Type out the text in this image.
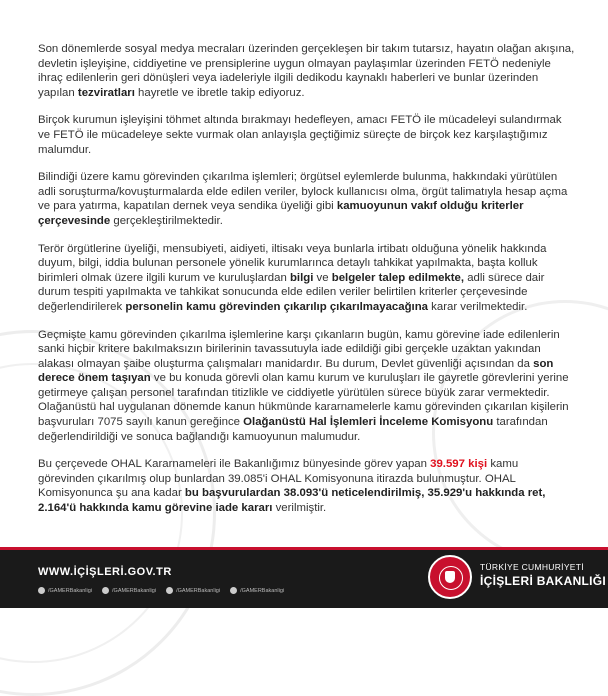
Son dönemlerde sosyal medya mecraları üzerinden gerçekleşen bir takım tutarsız, hayatın olağan akışına, devletin işleyişine, ciddiyetine ve prensiplerine uygun olmayan paylaşımlar üzerinden FETÖ nedeniyle ihraç edilenlerin geri dönüşleri veya iadeleriyle ilgili dedikodu kaynaklı haberleri ve bunlar üzerinden yapılan tezviratları hayretle ve ibretle takip ediyoruz.

Birçok kurumun işleyişini töhmet altında bırakmayı hedefleyen, amacı FETÖ ile mücadeleyi sulandırmak ve FETÖ ile mücadeleye sekte vurmak olan anlayışla geçtiğimiz süreçte de birçok kez karşılaştığımız malumdur.

Bilindiği üzere kamu görevinden çıkarılma işlemleri; örgütsel eylemlerde bulunma, hakkındaki yürütülen adli soruşturma/kovuşturmalarda elde edilen veriler, bylock kullanıcısı olma, örgüt talimatıyla hesap açma ve para yatırma, kapatılan dernek veya sendika üyeliği gibi kamuoyunun vakıf olduğu kriterler çerçevesinde gerçekleştirilmektedir.

Terör örgütlerine üyeliği, mensubiyeti, aidiyeti, iltisakı veya bunlarla irtibatı olduğuna yönelik hakkında duyum, bilgi, iddia bulunan personele yönelik kurumlarınca detaylı tahkikat yapılmakta, başta kolluk birimleri olmak üzere ilgili kurum ve kuruluşlardan bilgi ve belgeler talep edilmekte, adli sürece dair durum tespiti yapılmakta ve tahkikat sonucunda elde edilen veriler belirtilen kriterler çerçevesinde değerlendirilerek personelin kamu görevinden çıkarılıp çıkarılmayacağına karar verilmektedir.

Geçmişte kamu görevinden çıkarılma işlemlerine karşı çıkanların bugün, kamu görevine iade edilenlerin sanki hiçbir kritere bakılmaksızın birilerinin tavassutuyla iade edildiği gibi gerçekle uzaktan yakından alakası olmayan şaibe oluşturma çalışmaları manidardır. Bu durum, Devlet güvenliği açısından da son derece önem taşıyan ve bu konuda görevli olan kamu kurum ve kuruluşları ile gayretle görevlerini yerine getirmeye çalışan personel tarafından titizlikle ve ciddiyetle yürütülen sürece büyük zarar vermektedir. Olağanüstü hal uygulanan dönemde kanun hükmünde kararnamelerle kamu görevinden çıkarılan kişilerin başvuruları 7075 sayılı kanun gereğince Olağanüstü Hal İşlemleri İnceleme Komisyonu tarafından değerlendirildiği ve sonuca bağlandığı kamuoyunun malumudur.

Bu çerçevede OHAL Kararnameleri ile Bakanlığımız bünyesinde görev yapan 39.597 kişi kamu görevinden çıkarılmış olup bunlardan 39.085'i OHAL Komisyonuna itirazda bulunmuştur. OHAL Komisyonunca şu ana kadar bu başvurulardan 38.093'ü neticelendirilmiş, 35.929'u hakkında ret, 2.164'ü hakkında kamu görevine iade kararı verilmiştir.

WWW.İÇİŞLERİ.GOV.TR
/GAMERBakanligi	/GAMERBakanligi	/GAMERBakanligi	/GAMERBakanligi
TÜRKİYE CUMHURİYETİ
İÇİŞLERİ BAKANLIĞI
